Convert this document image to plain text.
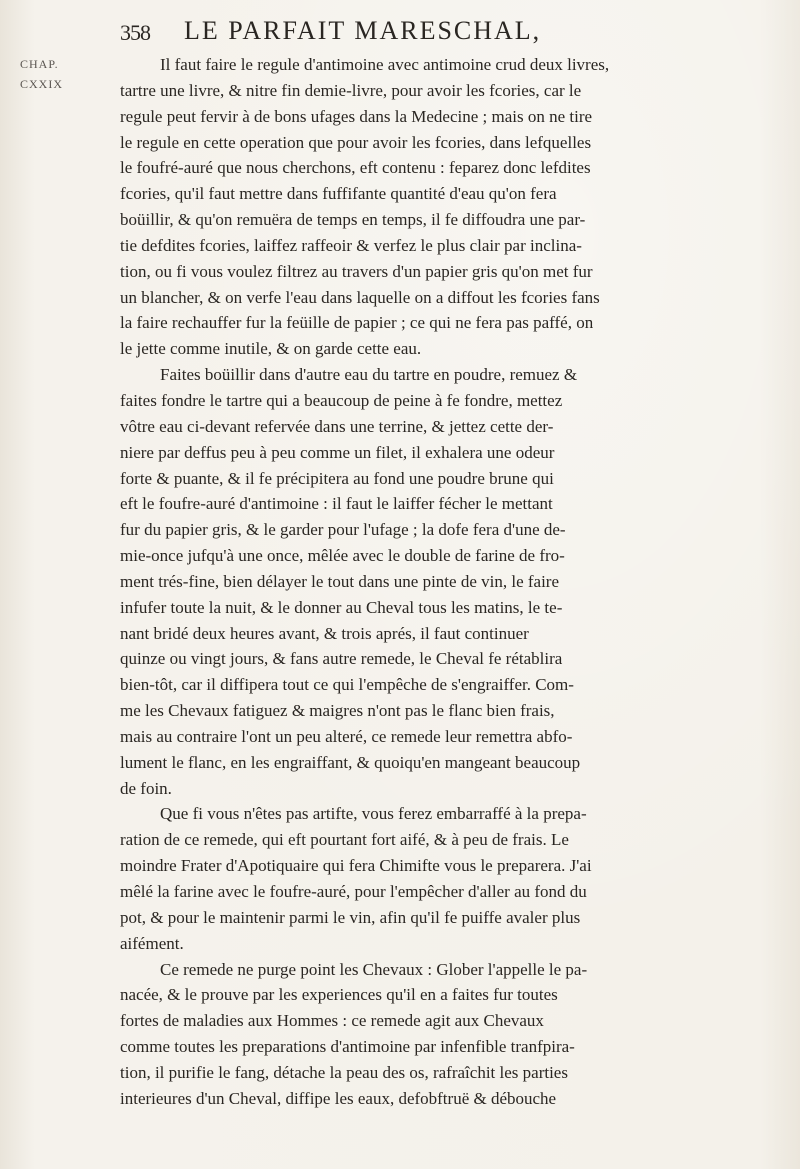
358 LE PARFAIT MARESCHAL,
CHAP.
CXXIX
Il faut faire le regule d'antimoine avec antimoine crud deux livres,
tartre une livre, & nitre fin demie-livre, pour avoir les fcories, car le
regule peut fervir à de bons ufages dans la Medecine ; mais on ne tire
le regule en cette operation que pour avoir les fcories, dans lefquelles
le foufré-auré que nous cherchons, eft contenu : feparez donc lefdites
fcories, qu'il faut mettre dans fuffifante quantité d'eau qu'on fera
boüillir, & qu'on remuëra de temps en temps, il fe diffoudra une par-
tie defdites fcories, laiffez raffeoir & verfez le plus clair par inclina-
tion, ou fi vous voulez filtrez au travers d'un papier gris qu'on met fur
un blancher, & on verfe l'eau dans laquelle on a diffout les fcories fans
la faire rechauffer fur la feüille de papier ; ce qui ne fera pas paffé, on
le jette comme inutile, & on garde cette eau.
Faites boüillir dans d'autre eau du tartre en poudre, remuez &
faites fondre le tartre qui a beaucoup de peine à fe fondre, mettez
vôtre eau ci-devant refervée dans une terrine, & jettez cette der-
niere par deffus peu à peu comme un filet, il exhalera une odeur
forte & puante, & il fe précipitera au fond une poudre brune qui
eft le foufre-auré d'antimoine : il faut le laiffer fécher le mettant
fur du papier gris, & le garder pour l'ufage ; la dofe fera d'une de-
mie-once jufqu'à une once, mêlée avec le double de farine de fro-
ment trés-fine, bien délayer le tout dans une pinte de vin, le faire
infufer toute la nuit, & le donner au Cheval tous les matins, le te-
nant bridé deux heures avant, & trois aprés, il faut continuer
quinze ou vingt jours, & fans autre remede, le Cheval fe rétablira
bien-tôt, car il diffipera tout ce qui l'empêche de s'engraiffer. Com-
me les Chevaux fatiguez & maigres n'ont pas le flanc bien frais,
mais au contraire l'ont un peu alteré, ce remede leur remettra abfo-
lument le flanc, en les engraiffant, & quoiqu'en mangeant beaucoup
de foin.
Que fi vous n'êtes pas artifte, vous ferez embarraffé à la prepa-
ration de ce remede, qui eft pourtant fort aifé, & à peu de frais. Le
moindre Frater d'Apotiquaire qui fera Chimifte vous le preparera. J'ai
mêlé la farine avec le foufre-auré, pour l'empêcher d'aller au fond du
pot, & pour le maintenir parmi le vin, afin qu'il fe puiffe avaler plus
aifément.
Ce remede ne purge point les Chevaux : Glober l'appelle le pa-
nacée, & le prouve par les experiences qu'il en a faites fur toutes
fortes de maladies aux Hommes : ce remede agit aux Chevaux
comme toutes les preparations d'antimoine par infenfible tranfpira-
tion, il purifie le fang, détache la peau des os, rafraîchit les parties
interieures d'un Cheval, diffipe les eaux, defobftruë & débouche
